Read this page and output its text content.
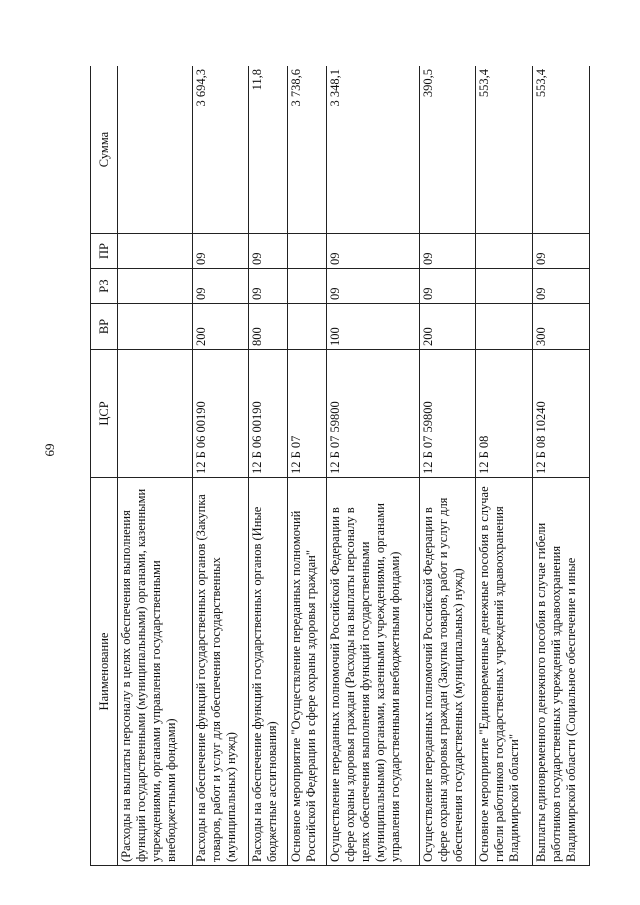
69
Наименование	ЦСР	ВР	РЗ	ПР	Сумма
(Расходы на выплаты персоналу в целях обеспечения выполнения функций государственными (муниципальными) органами, казенными учреждениями, органами управления государственными внебюджетными фондами)					
Расходы на обеспечение функций государственных органов (Закупка товаров, работ и услуг для обеспечения государственных (муниципальных) нужд)	12 Б 06 00190	200	09	09	3 694,3
Расходы на обеспечение функций государственных органов (Иные бюджетные ассигнования)	12 Б 06 00190	800	09	09	11,8
Основное мероприятие "Осуществление переданных полномочий Российской Федерации в сфере охраны здоровья граждан"	12 Б 07				3 738,6
Осуществление переданных полномочий Российской Федерации в сфере охраны здоровья граждан (Расходы на выплаты персоналу в целях обеспечения выполнения функций государственными (муниципальными) органами, казенными учреждениями, органами управления государственными внебюджетными фондами)	12 Б 07 59800	100	09	09	3 348,1
Осуществление переданных полномочий Российской Федерации в сфере охраны здоровья граждан (Закупка товаров, работ и услуг для обеспечения государственных (муниципальных) нужд)	12 Б 07 59800	200	09	09	390,5
Основное мероприятие "Единовременные денежные пособия в случае гибели работников государственных учреждений здравоохранения Владимирской области"	12 Б 08				553,4
Выплаты единовременного денежного пособия в случае гибели работников государственных учреждений здравоохранения Владимирской области (Социальное обеспечение и иные	12 Б 08 10240	300	09	09	553,4
